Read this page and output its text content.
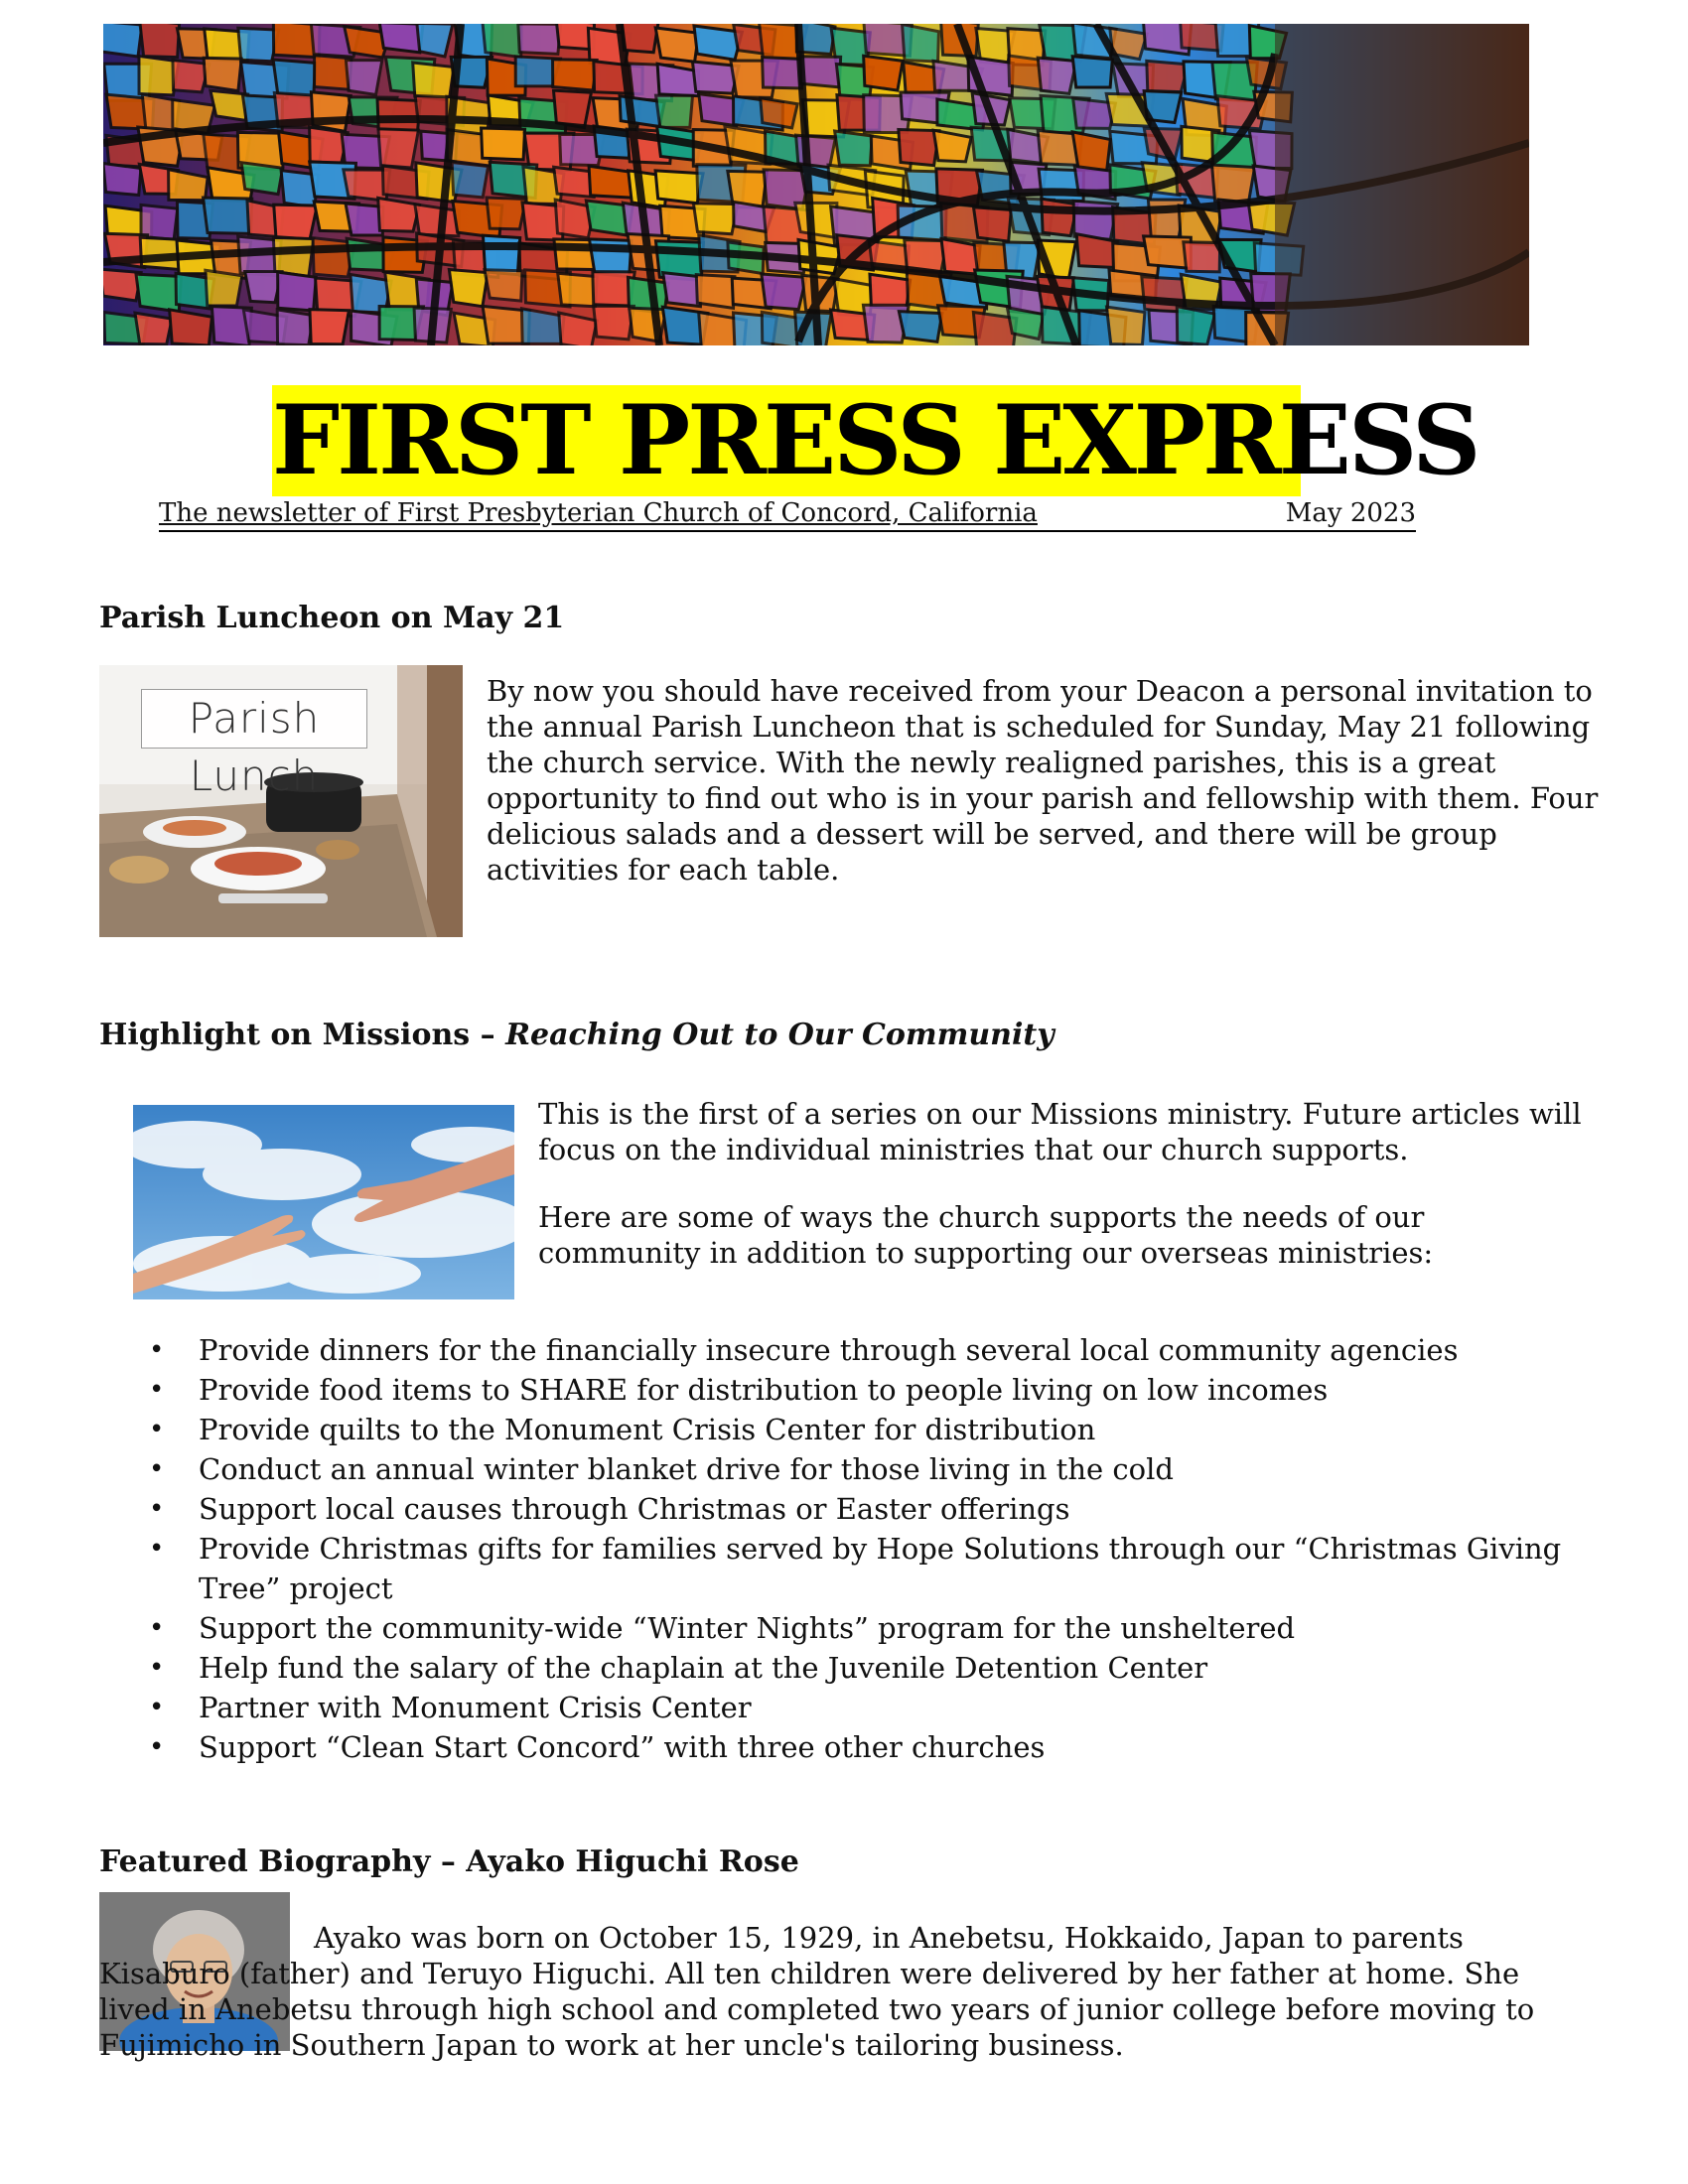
FIRST PRESS EXPRESS
The newsletter of First Presbyterian Church of Concord, California	May 2023
Parish Luncheon on May 21
Parish Lunch

By now you should have received from your Deacon a personal invitation to the annual Parish Luncheon that is scheduled for Sunday, May 21 following the church service. With the newly realigned parishes, this is a great opportunity to find out who is in your parish and fellowship with them. Four delicious salads and a dessert will be served, and there will be group activities for each table.

Highlight on Missions – Reaching Out to Our Community

This is the first of a series on our Missions ministry. Future articles will focus on the individual ministries that our church supports.

Here are some of ways the church supports the needs of our community in addition to supporting our overseas ministries:

• Provide dinners for the financially insecure through several local community agencies
• Provide food items to SHARE for distribution to people living on low incomes
• Provide quilts to the Monument Crisis Center for distribution
• Conduct an annual winter blanket drive for those living in the cold
• Support local causes through Christmas or Easter offerings
• Provide Christmas gifts for families served by Hope Solutions through our “Christmas Giving Tree” project
• Support the community-wide “Winter Nights” program for the unsheltered
• Help fund the salary of the chaplain at the Juvenile Detention Center
• Partner with Monument Crisis Center
• Support “Clean Start Concord” with three other churches
Featured Biography – Ayako Higuchi Rose

Ayako was born on October 15, 1929, in Anebetsu, Hokkaido, Japan to parents Kisaburo (father) and Teruyo Higuchi. All ten children were delivered by her father at home. She lived in Anebetsu through high school and completed two years of junior college before moving to Fujimicho in Southern Japan to work at her uncle's tailoring business.
